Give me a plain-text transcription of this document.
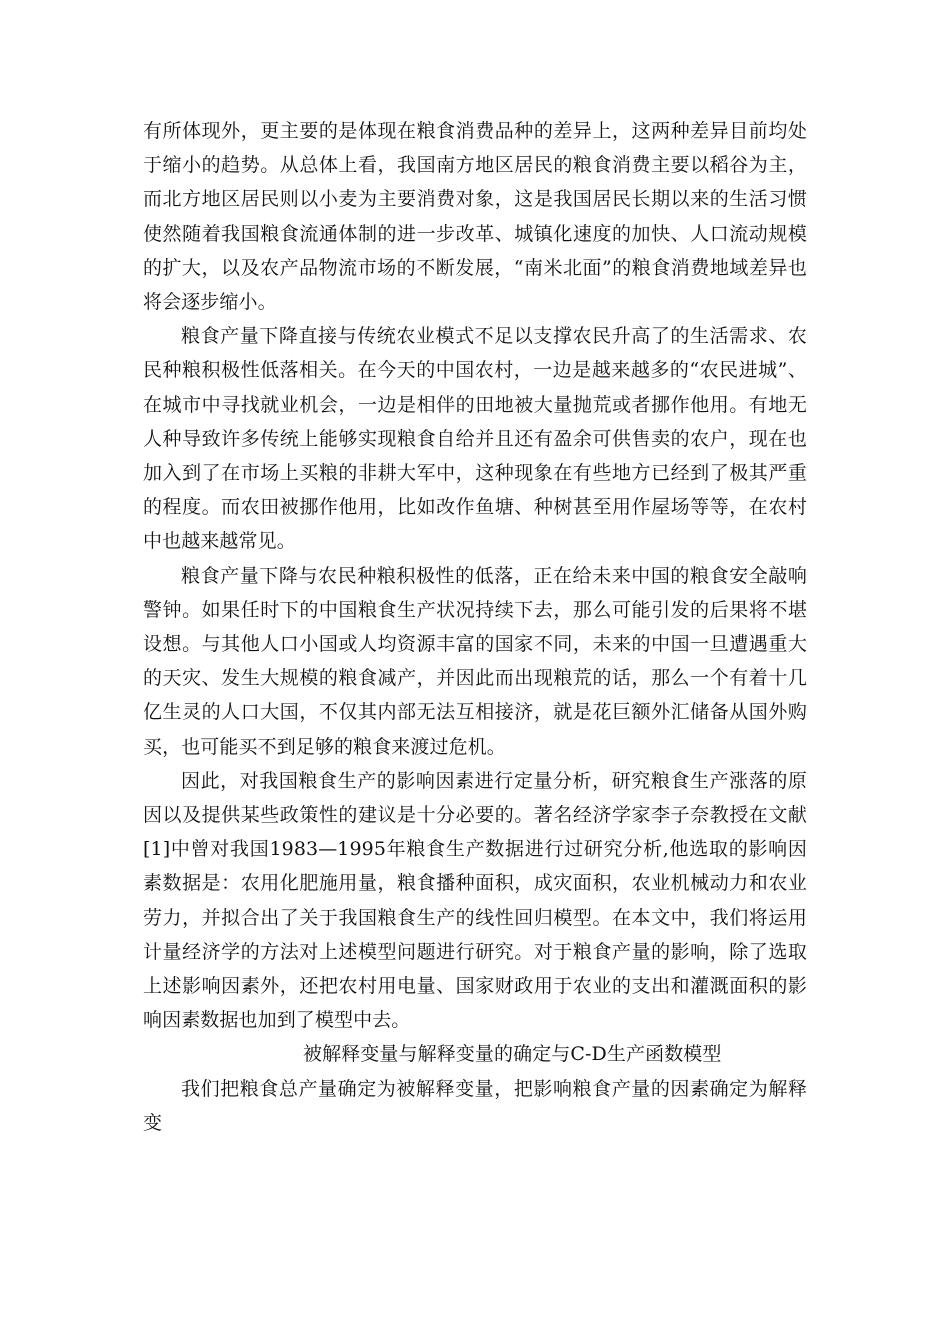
有所体现外，更主要的是体现在粮食消费品种的差异上，这两种差异目前均处于缩小的趋势。从总体上看，我国南方地区居民的粮食消费主要以稻谷为主，而北方地区居民则以小麦为主要消费对象，这是我国居民长期以来的生活习惯使然随着我国粮食流通体制的进一步改革、城镇化速度的加快、人口流动规模的扩大，以及农产品物流市场的不断发展，“南米北面”的粮食消费地域差异也将会逐步缩小。

粮食产量下降直接与传统农业模式不足以支撑农民升高了的生活需求、农民种粮积极性低落相关。在今天的中国农村，一边是越来越多的“农民进城”、在城市中寻找就业机会，一边是相伴的田地被大量抛荒或者挪作他用。有地无人种导致许多传统上能够实现粮食自给并且还有盈余可供售卖的农户，现在也加入到了在市场上买粮的非耕大军中，这种现象在有些地方已经到了极其严重的程度。而农田被挪作他用，比如改作鱼塘、种树甚至用作屋场等等，在农村中也越来越常见。

粮食产量下降与农民种粮积极性的低落，正在给未来中国的粮食安全敲响警钟。如果任时下的中国粮食生产状况持续下去，那么可能引发的后果将不堪设想。与其他人口小国或人均资源丰富的国家不同，未来的中国一旦遭遇重大的天灾、发生大规模的粮食减产，并因此而出现粮荒的话，那么一个有着十几亿生灵的人口大国，不仅其内部无法互相接济，就是花巨额外汇储备从国外购买，也可能买不到足够的粮食来渡过危机。

因此，对我国粮食生产的影响因素进行定量分析，研究粮食生产涨落的原因以及提供某些政策性的建议是十分必要的。著名经济学家李子奈教授在文献[1]中曾对我国1983—1995年粮食生产数据进行过研究分析,他选取的影响因素数据是：农用化肥施用量，粮食播种面积，成灾面积，农业机械动力和农业劳力，并拟合出了关于我国粮食生产的线性回归模型。在本文中，我们将运用计量经济学的方法对上述模型问题进行研究。对于粮食产量的影响，除了选取上述影响因素外，还把农村用电量、国家财政用于农业的支出和灌溉面积的影响因素数据也加到了模型中去。

被解释变量与解释变量的确定与C-D生产函数模型

我们把粮食总产量确定为被解释变量，把影响粮食产量的因素确定为解释变
